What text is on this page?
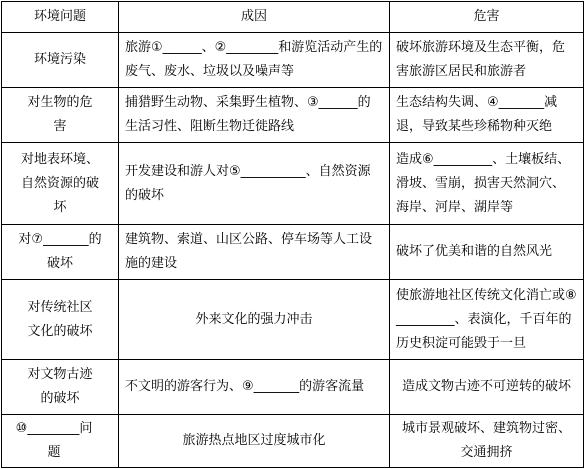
环境问题	成因	危害
环境污染	旅游①______、②________和游览活动产生的废气、废水、垃圾以及噪声等	破坏旅游环境及生态平衡，危害旅游区居民和旅游者
对生物的危害	捕猎野生动物、采集野生植物、③______的生活习性、阻断生物迁徙路线	生态结构失调、④_______减退，导致某些珍稀物种灭绝
对地表环境、自然资源的破坏	开发建设和游人对⑤__________、自然资源的破坏	造成⑥_________、土壤板结、滑坡、雪崩，损害天然洞穴、海岸、河岸、湖岸等
对⑦_______的破坏	建筑物、索道、山区公路、停车场等人工设施的建设	破坏了优美和谐的自然风光
对传统社区文化的破坏	外来文化的强力冲击	使旅游地社区传统文化消亡或⑧_________、表演化，千百年的历史积淀可能毁于一旦
对文物古迹的破坏	不文明的游客行为、⑨_______的游客流量	造成文物古迹不可逆转的破坏
⑩________问题	旅游热点地区过度城市化	城市景观破坏、建筑物过密、交通拥挤
